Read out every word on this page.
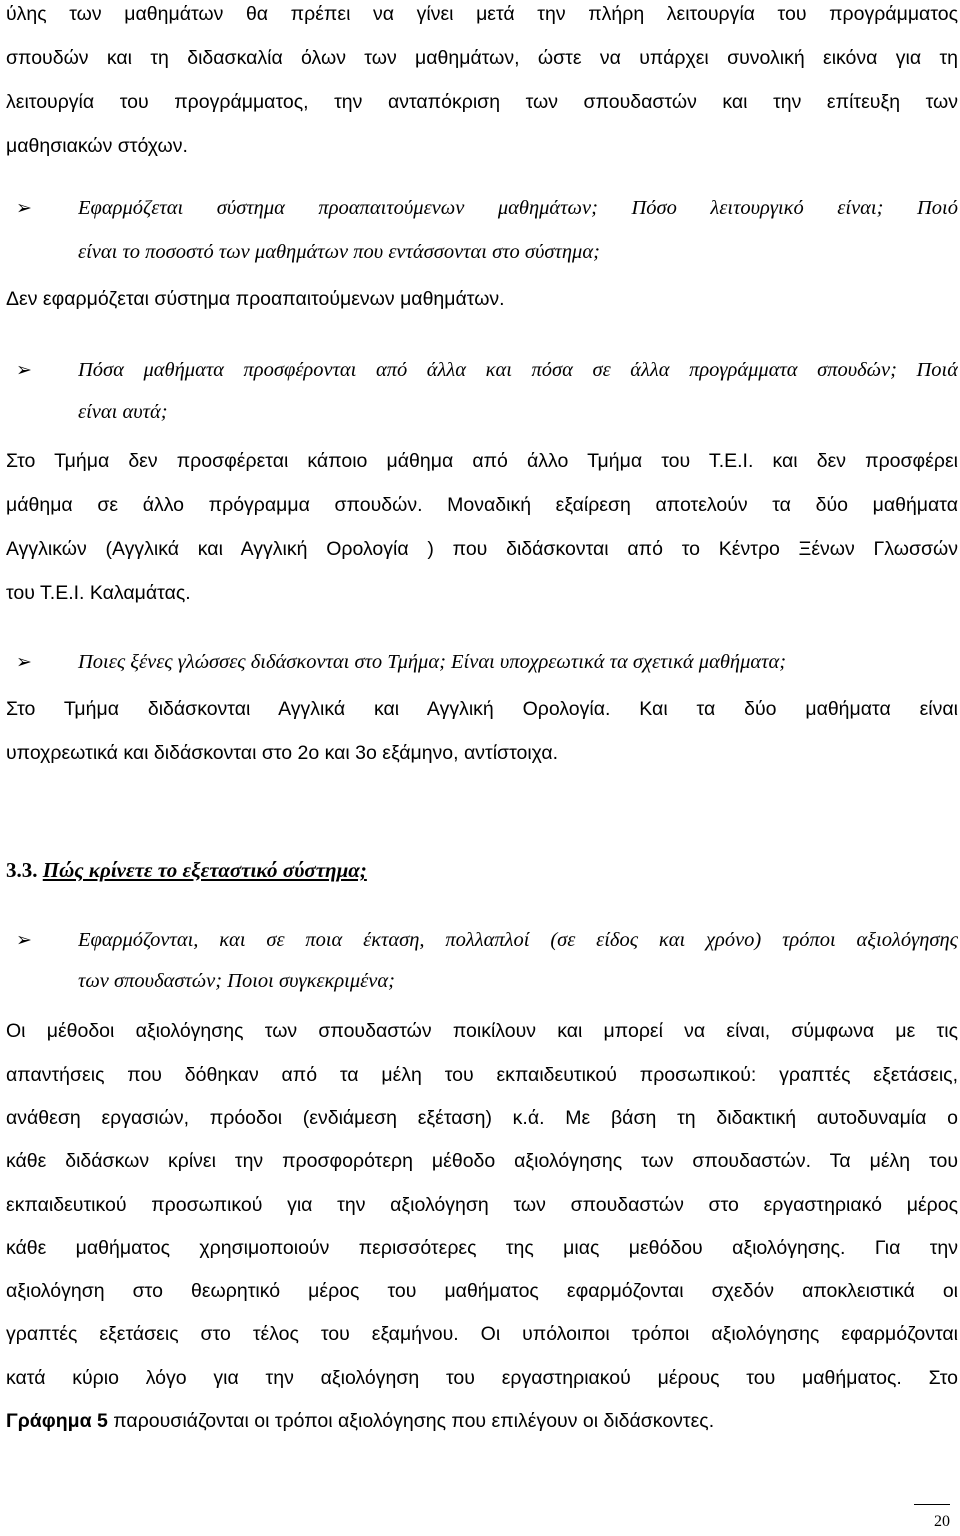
ύλης των μαθημάτων θα πρέπει να γίνει μετά την πλήρη λειτουργία του προγράμματος
σπουδών και τη διδασκαλία όλων των μαθημάτων, ώστε να υπάρχει συνολική εικόνα για τη
λειτουργία του προγράμματος, την ανταπόκριση των σπουδαστών και την επίτευξη των
μαθησιακών στόχων.
➢ Εφαρμόζεται σύστημα προαπαιτούμενων μαθημάτων; Πόσο λειτουργικό είναι; Ποιό
είναι το ποσοστό των μαθημάτων που εντάσσονται στο σύστημα;
Δεν εφαρμόζεται σύστημα προαπαιτούμενων μαθημάτων.
➢ Πόσα μαθήματα προσφέρονται από άλλα και πόσα σε άλλα προγράμματα σπουδών; Ποιά
είναι αυτά;
Στο Τμήμα δεν προσφέρεται κάποιο μάθημα από άλλο Τμήμα του Τ.Ε.Ι. και δεν προσφέρει
μάθημα σε άλλο πρόγραμμα σπουδών. Μοναδική εξαίρεση αποτελούν τα δύο μαθήματα
Αγγλικών (Αγγλικά και Αγγλική Ορολογία ) που διδάσκονται από το Κέντρο Ξένων Γλωσσών
του Τ.Ε.Ι. Καλαμάτας.
➢ Ποιες ξένες γλώσσες διδάσκονται στο Τμήμα; Είναι υποχρεωτικά τα σχετικά μαθήματα;
Στο Τμήμα διδάσκονται Αγγλικά και Αγγλική Ορολογία. Και τα δύο μαθήματα είναι
υποχρεωτικά και διδάσκονται στο 2ο και 3ο εξάμηνο, αντίστοιχα.
3.3. Πώς κρίνετε το εξεταστικό σύστημα;
➢ Εφαρμόζονται, και σε ποια έκταση, πολλαπλοί (σε είδος και χρόνο) τρόποι αξιολόγησης
των σπουδαστών; Ποιοι συγκεκριμένα;
Οι μέθοδοι αξιολόγησης των σπουδαστών ποικίλουν και μπορεί να είναι, σύμφωνα με τις
απαντήσεις που δόθηκαν από τα μέλη του εκπαιδευτικού προσωπικού: γραπτές εξετάσεις,
ανάθεση εργασιών, πρόοδοι (ενδιάμεση εξέταση) κ.ά. Με βάση τη διδακτική αυτοδυναμία ο
κάθε διδάσκων κρίνει την προσφορότερη μέθοδο αξιολόγησης των σπουδαστών. Τα μέλη του
εκπαιδευτικού προσωπικού για την αξιολόγηση των σπουδαστών στο εργαστηριακό μέρος
κάθε μαθήματος χρησιμοποιούν περισσότερες της μιας μεθόδου αξιολόγησης. Για την
αξιολόγηση στο θεωρητικό μέρος του μαθήματος εφαρμόζονται σχεδόν αποκλειστικά οι
γραπτές εξετάσεις στο τέλος του εξαμήνου. Οι υπόλοιποι τρόποι αξιολόγησης εφαρμόζονται
κατά κύριο λόγο για την αξιολόγηση του εργαστηριακού μέρους του μαθήματος. Στο
Γράφημα 5 παρουσιάζονται οι τρόποι αξιολόγησης που επιλέγουν οι διδάσκοντες.
20
